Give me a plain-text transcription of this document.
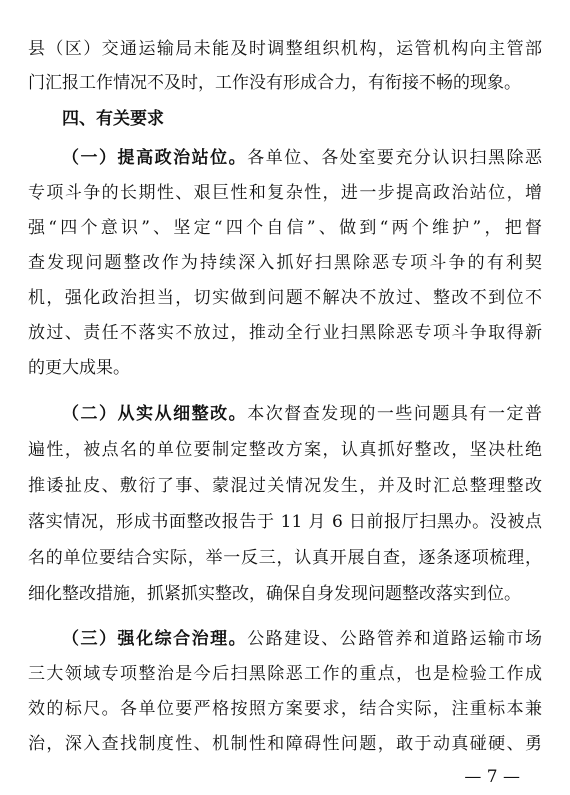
县（区）交通运输局未能及时调整组织机构，运管机构向主管部
门汇报工作情况不及时，工作没有形成合力，有衔接不畅的现象。
四、有关要求
（一）提高政治站位。各单位、各处室要充分认识扫黑除恶
专项斗争的长期性、艰巨性和复杂性，进一步提高政治站位，增
强“四个意识”、坚定“四个自信”、做到“两个维护”，把督
查发现问题整改作为持续深入抓好扫黑除恶专项斗争的有利契
机，强化政治担当，切实做到问题不解决不放过、整改不到位不
放过、责任不落实不放过，推动全行业扫黑除恶专项斗争取得新
的更大成果。
（二）从实从细整改。本次督查发现的一些问题具有一定普
遍性，被点名的单位要制定整改方案，认真抓好整改，坚决杜绝
推诿扯皮、敷衍了事、蒙混过关情况发生，并及时汇总整理整改
落实情况，形成书面整改报告于 11 月 6 日前报厅扫黑办。没被点
名的单位要结合实际，举一反三，认真开展自查，逐条逐项梳理，
细化整改措施，抓紧抓实整改，确保自身发现问题整改落实到位。
（三）强化综合治理。公路建设、公路管养和道路运输市场
三大领域专项整治是今后扫黑除恶工作的重点，也是检验工作成
效的标尺。各单位要严格按照方案要求，结合实际，注重标本兼
治，深入查找制度性、机制性和障碍性问题，敢于动真碰硬、勇
— 7 —
